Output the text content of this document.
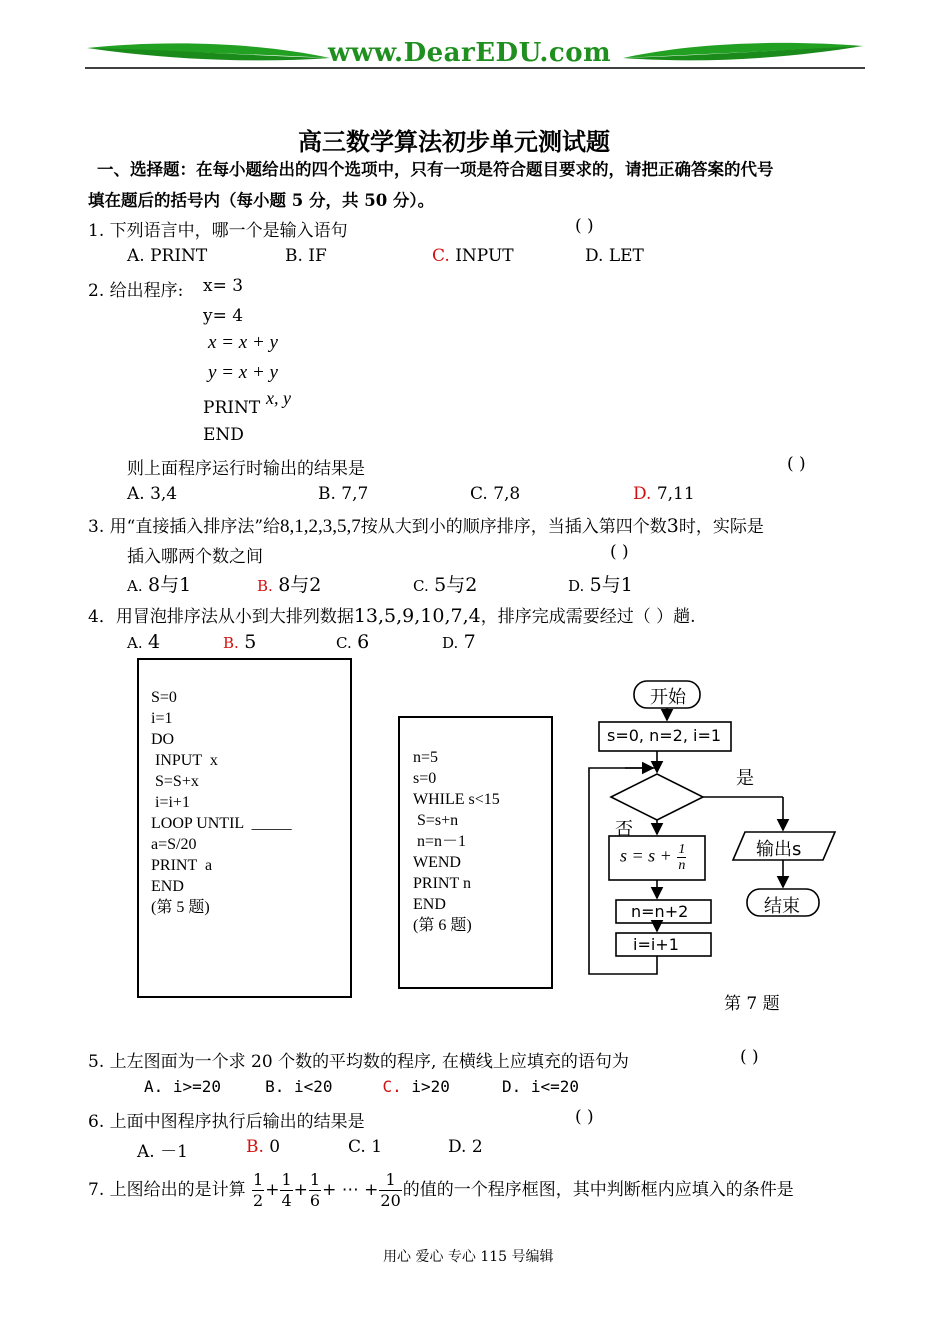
www.DearEDU.com
高三数学算法初步单元测试题
一、选择题：在每小题给出的四个选项中，只有一项是符合题目要求的，请把正确答案的代号
填在题后的括号内（每小题 5 分，共 50 分）。
1. 下列语言中，哪一个是输入语句	( )
A. PRINT	B. IF	C. INPUT	D. LET
2. 给出程序: x= 3
y= 4
x = x + y
y = x + y
PRINT x, y
END
则上面程序运行时输出的结果是	( )
A. 3,4	B. 7,7	C. 7,8	D. 7,11
3. 用“直接插入排序法”给8,1,2,3,5,7按从大到小的顺序排序，当插入第四个数3时，实际是
插入哪两个数之间	( )
A. 8与1	B. 8与2	C. 5与2	D. 5与1
4．用冒泡排序法从小到大排列数据13,5,9,10,7,4，排序完成需要经过（ ）趟.
A. 4	B. 5	C. 6	D. 7

S=0
i=1
DO
INPUT  x
S=S+x
i=i+1
LOOP UNTIL  _____
a=S/20
PRINT  a
END
(第 5 题)

n=5
s=0
WHILE s<15
S=s+n
n=n－1
WEND
PRINT n
END
(第 6 题)

开始
s=0, n=2, i=1
是
否
$s = s + \frac{1}{n}$	输出s
结束
n=n+2
i=i+1
第 7 题
5. 上左图面为一个求 20 个数的平均数的程序, 在横线上应填充的语句为	( )
A. i>=20	B. i<20	C. i>20	D. i<=20
6. 上面中图程序执行后输出的结果是	( )
A. －1	B. 0	C. 1	D. 2
7. 上图给出的是计算 $\frac{1}{2} + \frac{1}{4} + \frac{1}{6}$ + ⋯ + $\frac{1}{20}$ 的值的一个程序框图，其中判断框内应填入的条件是
用心 爱心 专心 115 号编辑
